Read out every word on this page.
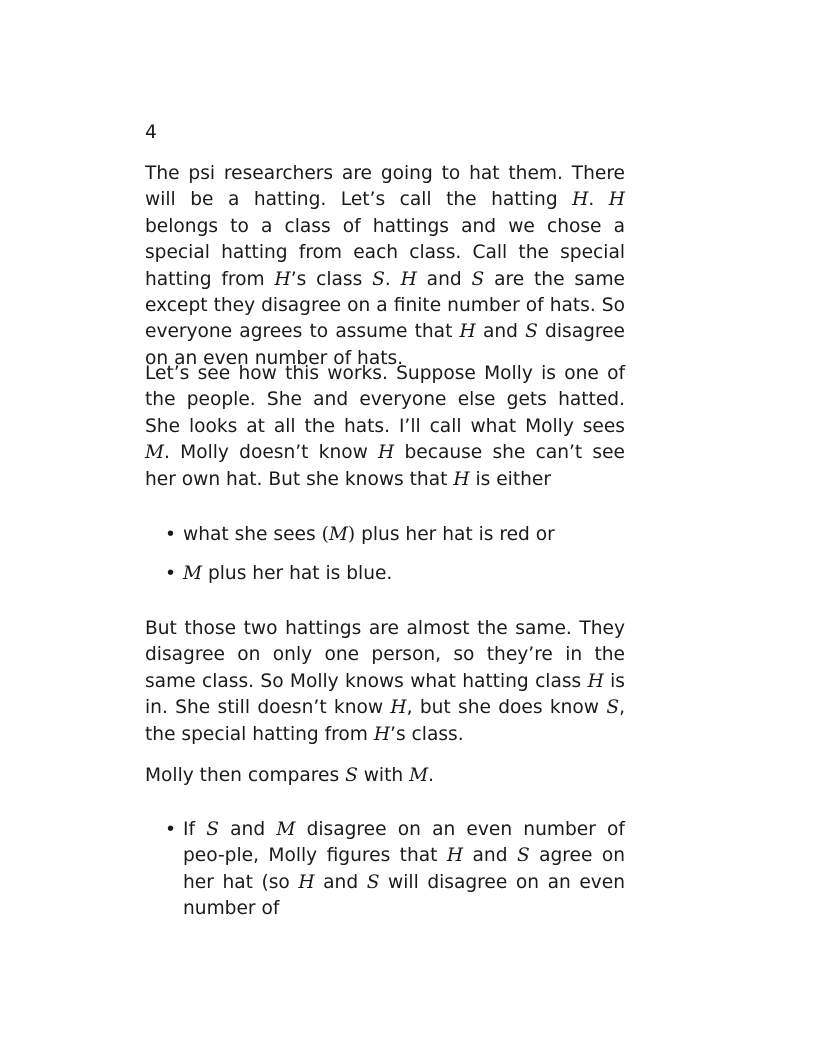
4

The psi researchers are going to hat them. There will be a hatting. Let’s call the hatting H. H belongs to a class of hattings and we chose a special hatting from each class. Call the special hatting from H’s class S. H and S are the same except they disagree on a finite number of hats. So everyone agrees to assume that H and S disagree on an even number of hats.

Let’s see how this works. Suppose Molly is one of the people. She and everyone else gets hatted. She looks at all the hats. I’ll call what Molly sees M. Molly doesn’t know H because she can’t see her own hat. But she knows that H is either

• what she sees (M) plus her hat is red or
• M plus her hat is blue.

But those two hattings are almost the same. They disagree on only one person, so they’re in the same class. So Molly knows what hatting class H is in. She still doesn’t know H, but she does know S, the special hatting from H’s class.

Molly then compares S with M.

• If S and M disagree on an even number of peo-ple, Molly figures that H and S agree on her hat (so H and S will disagree on an even number of
